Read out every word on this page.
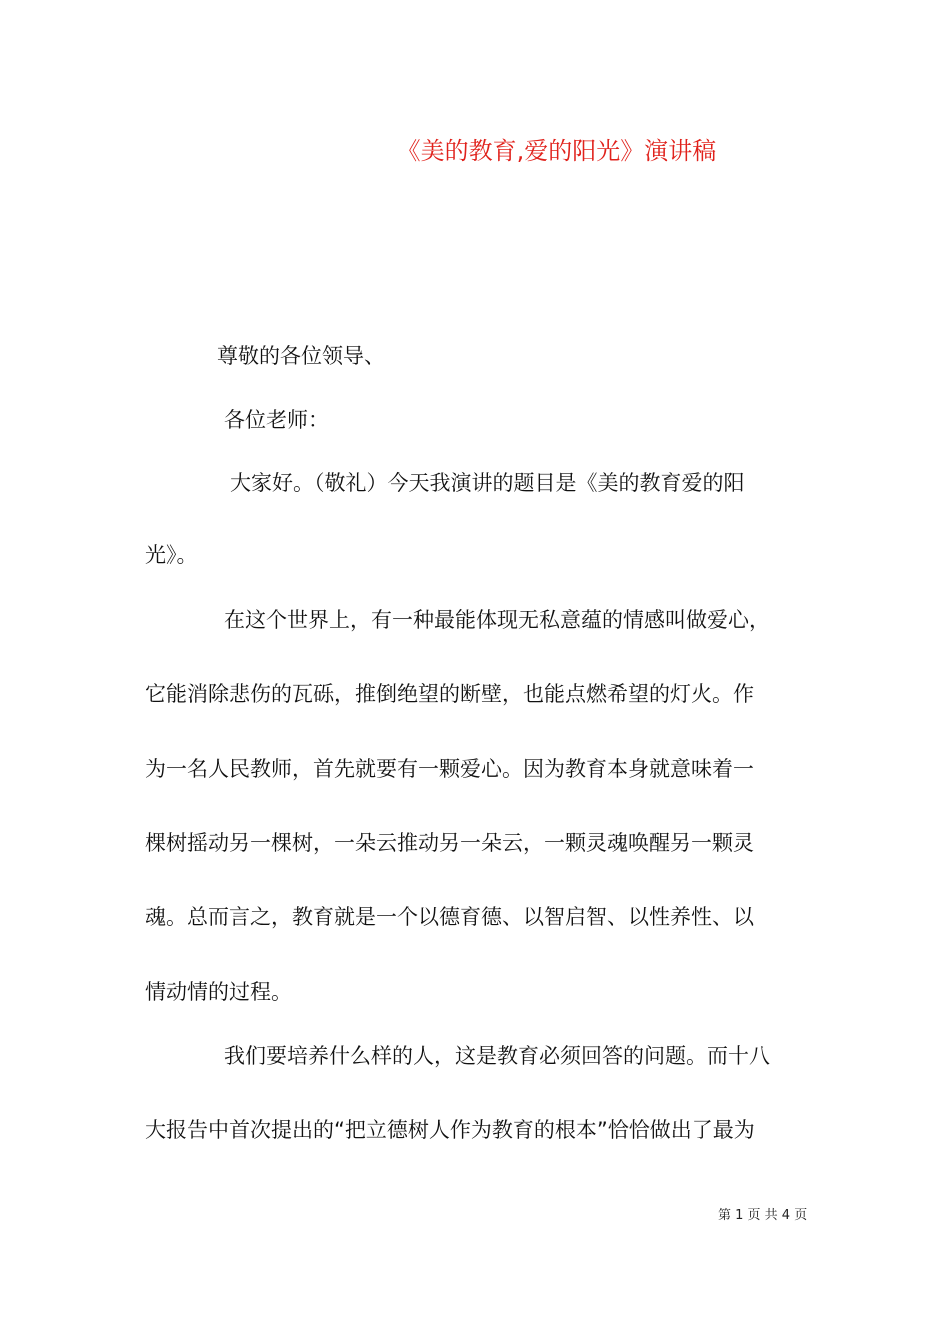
《美的教育,爱的阳光》演讲稿
尊敬的各位领导、
各位老师：
大家好。（敬礼）今天我演讲的题目是《美的教育爱的阳
光》。
在这个世界上，有一种最能体现无私意蕴的情感叫做爱心，
它能消除悲伤的瓦砾，推倒绝望的断壁，也能点燃希望的灯火。作
为一名人民教师，首先就要有一颗爱心。因为教育本身就意味着一
棵树摇动另一棵树，一朵云推动另一朵云，一颗灵魂唤醒另一颗灵
魂。总而言之，教育就是一个以德育德、以智启智、以性养性、以
情动情的过程。
我们要培养什么样的人，这是教育必须回答的问题。而十八
大报告中首次提出的“把立德树人作为教育的根本”恰恰做出了最为
第 1 页 共 4 页
